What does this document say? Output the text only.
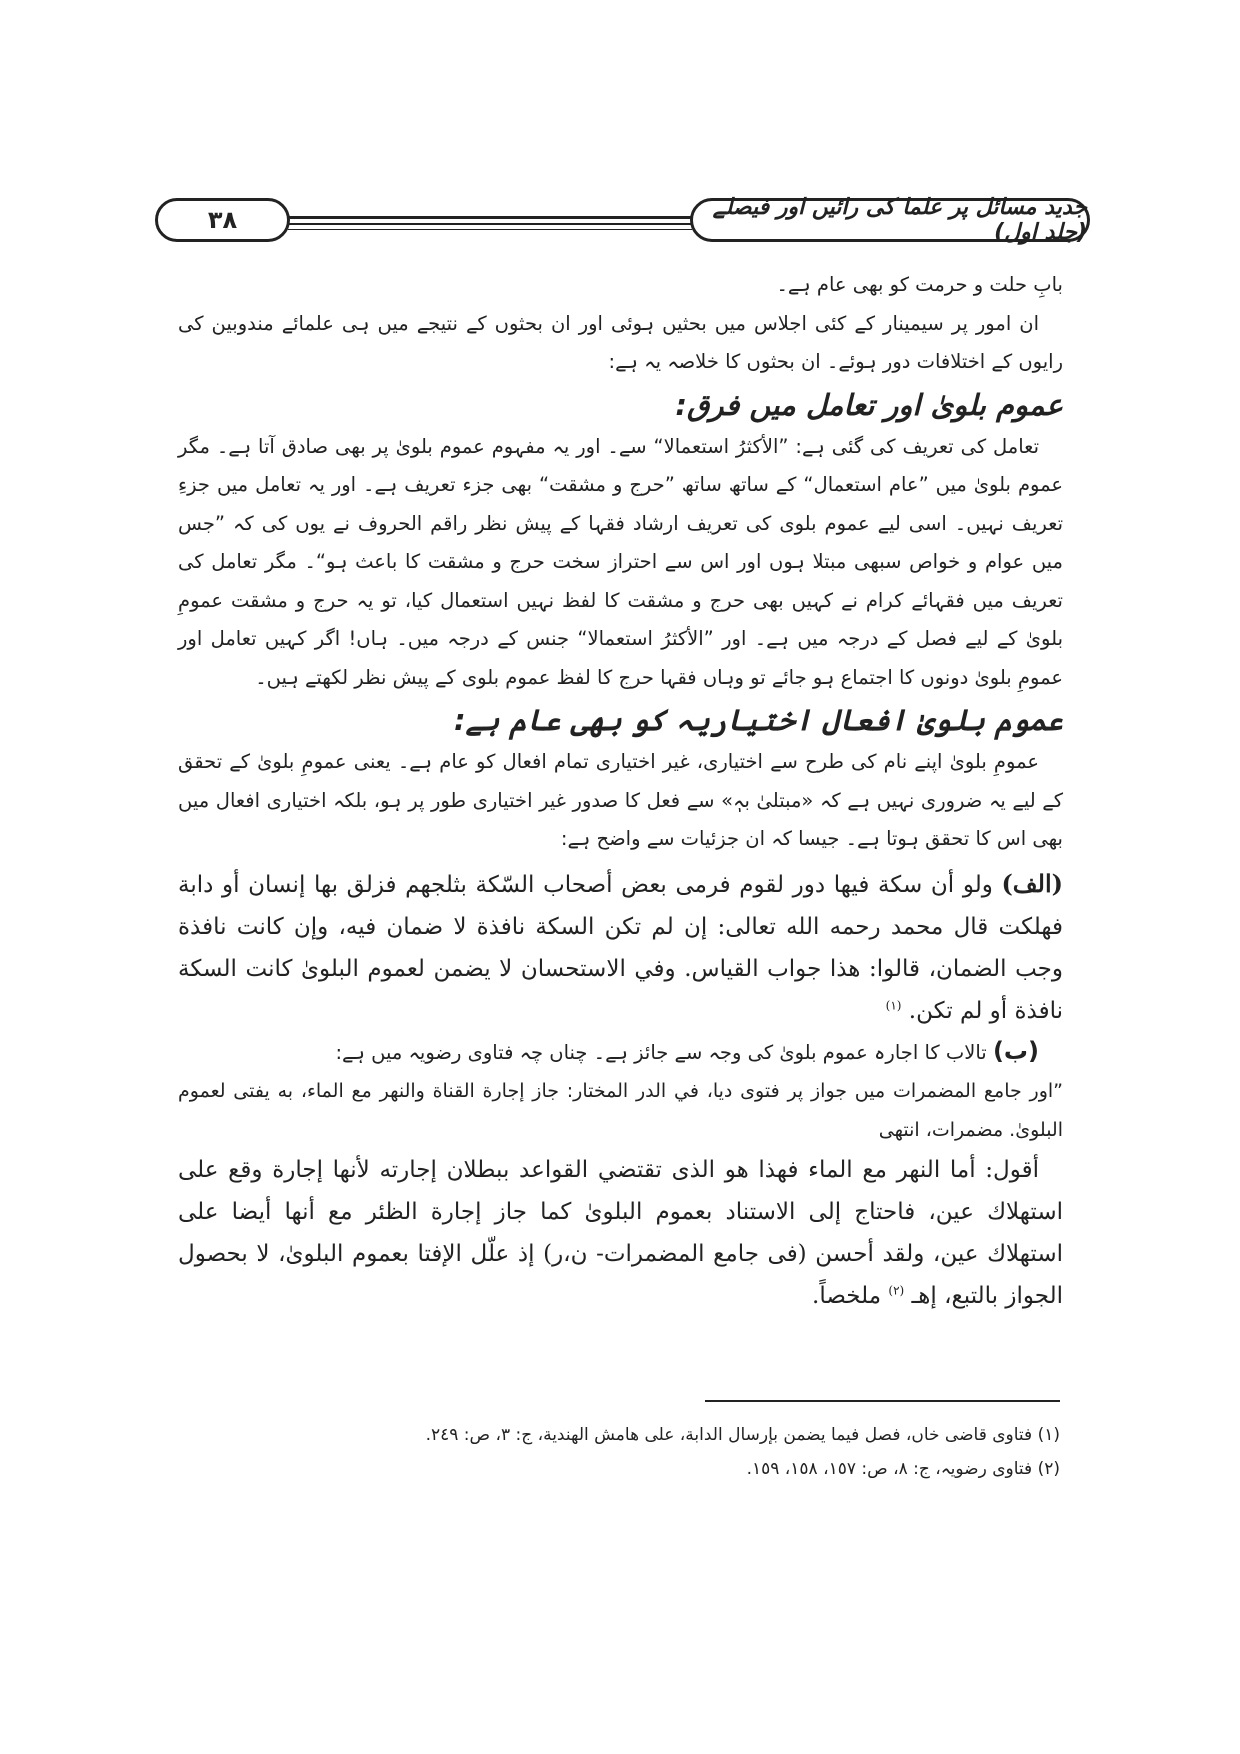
۳۸	جدید مسائل پر علما کی رائیں اور فیصلے (جلد اول)

بابِ حلت و حرمت کو بھی عام ہے۔

ان امور پر سیمینار کے کئی اجلاس میں بحثیں ہوئی اور ان بحثوں کے نتیجے میں ہی علمائے مندوبین کی رایوں کے اختلافات دور ہوئے۔ ان بحثوں کا خلاصہ یہ ہے:

عموم بلویٰ اور تعامل میں فرق:

تعامل کی تعریف کی گئی ہے: ”الأکثرُ استعمالا“ سے۔ اور یہ مفہوم عموم بلویٰ پر بھی صادق آتا ہے۔ مگر عموم بلویٰ میں ”عام استعمال“ کے ساتھ ساتھ ”حرج و مشقت“ بھی جزء تعریف ہے۔ اور یہ تعامل میں جزءِ تعریف نہیں۔ اسی لیے عموم بلوی کی تعریف ارشاد فقہا کے پیش نظر راقم الحروف نے یوں کی کہ ”جس میں عوام و خواص سبھی مبتلا ہوں اور اس سے احتراز سخت حرج و مشقت کا باعث ہو“۔ مگر تعامل کی تعریف میں فقہائے کرام نے کہیں بھی حرج و مشقت کا لفظ نہیں استعمال کیا، تو یہ حرج و مشقت عمومِ بلویٰ کے لیے فصل کے درجہ میں ہے۔ اور ”الأکثرُ استعمالا“ جنس کے درجہ میں۔ ہاں! اگر کہیں تعامل اور عمومِ بلویٰ دونوں کا اجتماع ہو جائے تو وہاں فقہا حرج کا لفظ عموم بلوی کے پیش نظر لکھتے ہیں۔

عموم بلویٰ افعال اختیاریہ کو بھی عام ہے:

عمومِ بلویٰ اپنے نام کی طرح سے اختیاری، غیر اختیاری تمام افعال کو عام ہے۔ یعنی عمومِ بلویٰ کے تحقق کے لیے یہ ضروری نہیں ہے کہ «مبتلیٰ بہٖ» سے فعل کا صدور غیر اختیاری طور پر ہو، بلکہ اختیاری افعال میں بھی اس کا تحقق ہوتا ہے۔ جیسا کہ ان جزئیات سے واضح ہے:

(الف) ولو أن سكة فيها دور لقوم فرمى بعض أصحاب السّكة بثلجهم فزلق بها إنسان أو دابة فهلكت قال محمد رحمه الله تعالى: إن لم تكن السكة نافذة لا ضمان فيه، وإن كانت نافذة وجب الضمان، قالوا: هذا جواب القياس. وفي الاستحسان لا يضمن لعموم البلوىٰ كانت السكة نافذة أو لم تكن. $^{(١)}$

(ب) تالاب کا اجارہ عموم بلویٰ کی وجہ سے جائز ہے۔ چناں چہ فتاوی رضویہ میں ہے:

”اور جامع المضمرات میں جواز پر فتوی دیا، في الدر المختار: جاز إجارة القناة والنهر مع الماء، به يفتى لعموم البلوىٰ. مضمرات، انتهى

أقول: أما النهر مع الماء فهذا هو الذى تقتضي القواعد ببطلان إجارته لأنها إجارة وقع على استهلاك عين، فاحتاج إلى الاستناد بعموم البلوىٰ كما جاز إجارة الظئر مع أنها أيضا على استهلاك عين، ولقد أحسن (فى جامع المضمرات- ن،ر) إذ علّل الإفتا بعموم البلوىٰ، لا بحصول الجواز بالتبع، إهـ $^{(٢)}$ ملخصاً.

(١) فتاوی قاضی خاں، فصل فيما يضمن بإرسال الدابة، على هامش الهندية، ج: ٣، ص: ٢٤٩.

(٢) فتاوی رضویہ، ج: ٨، ص: ١٥٧، ١٥٨، ١٥٩.
